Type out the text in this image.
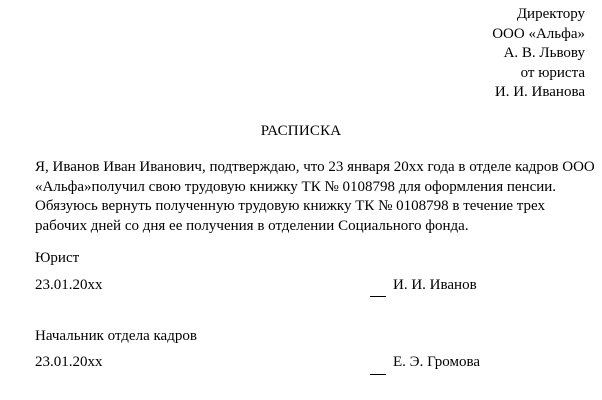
Директору
ООО «Альфа»
А. В. Львову
от юриста
И. И. Иванова
РАСПИСКА
Я, Иванов Иван Иванович, подтверждаю, что 23 января 20хх года в отделе кадров ООО
«Альфа»получил свою трудовую книжку ТК № 0108798 для оформления пенсии.
Обязуюсь вернуть полученную трудовую книжку ТК № 0108798 в течение трех
рабочих дней со дня ее получения в отделении Социального фонда.
Юрист
23.01.20хх	И. И. Иванов
Начальник отдела кадров
23.01.20хх	Е. Э. Громова
